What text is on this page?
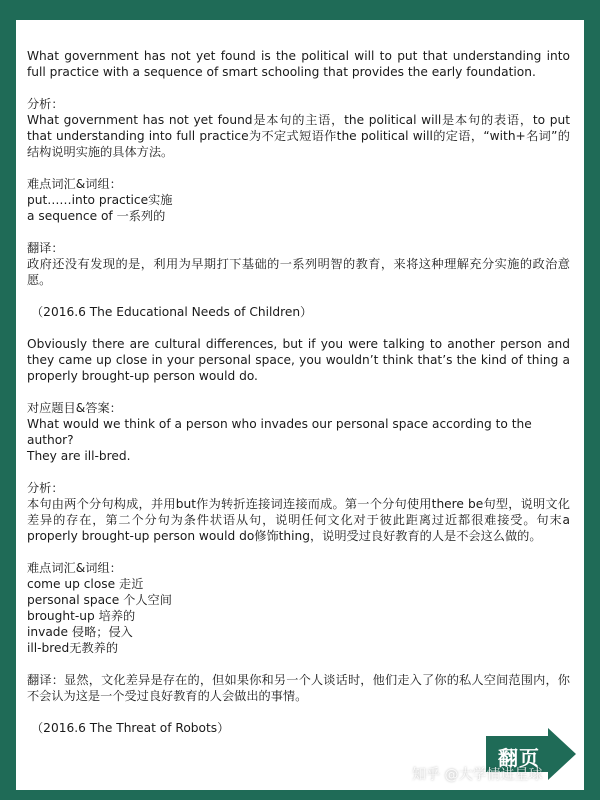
What government has not yet found is the political will to put that understanding into full practice with a sequence of smart schooling that provides the early foundation.
分析：
What government has not yet found是本句的主语，the political will是本句的表语，to put that understanding into full practice为不定式短语作the political will的定语，“with+名词”的结构说明实施的具体方法。
难点词汇&词组：
put……into practice实施
a sequence of 一系列的
翻译：
政府还没有发现的是，利用为早期打下基础的一系列明智的教育，来将这种理解充分实施的政治意愿。
（2016.6 The Educational Needs of Children）
Obviously there are cultural differences, but if you were talking to another person and they came up close in your personal space, you wouldn’t think that’s the kind of thing a properly brought-up person would do.
对应题目&答案：
What would we think of a person who invades our personal space according to the author?
They are ill-bred.
分析：
本句由两个分句构成，并用but作为转折连接词连接而成。第一个分句使用there be句型，说明文化差异的存在，第二个分句为条件状语从句，说明任何文化对于彼此距离过近都很难接受。句末a properly brought-up person would do修饰thing，说明受过良好教育的人是不会这么做的。
难点词汇&词组：
come up close 走近
personal space 个人空间
brought-up 培养的
invade 侵略；侵入
ill-bred无教养的
翻译：显然，文化差异是存在的，但如果你和另一个人谈话时，他们走入了你的私人空间范围内，你不会认为这是一个受过良好教育的人会做出的事情。
（2016.6 The Threat of Robots）
翻页
知乎 @大学情进星球
